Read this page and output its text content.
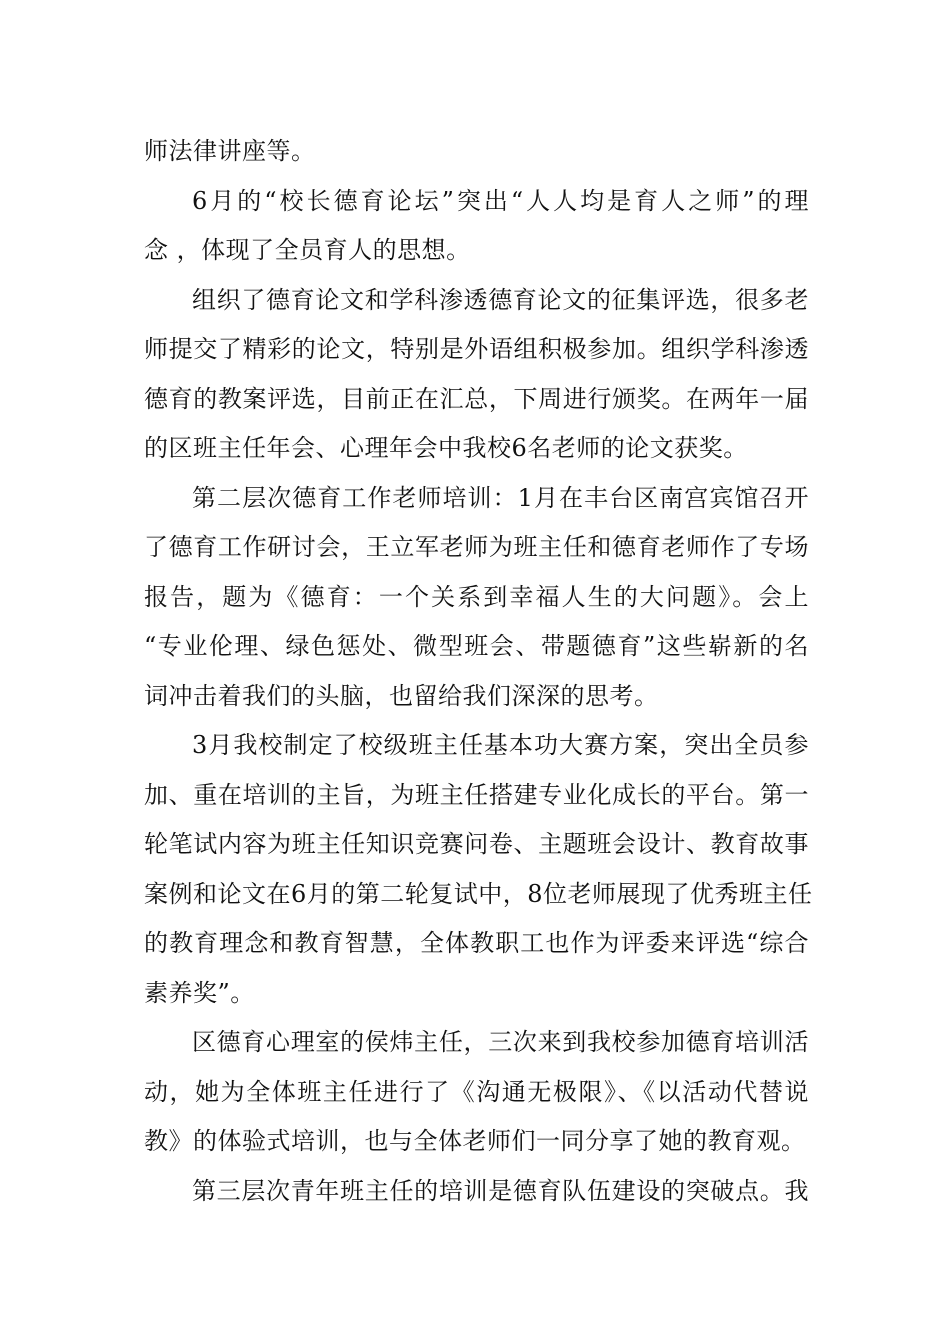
师法律讲座等。
6月的“校长德育论坛”突出“人人均是育人之师”的理
念 ，体现了全员育人的思想。
组织了德育论文和学科渗透德育论文的征集评选，很多老
师提交了精彩的论文，特别是外语组积极参加。组织学科渗透
德育的教案评选，目前正在汇总，下周进行颁奖。在两年一届
的区班主任年会、心理年会中我校6名老师的论文获奖。
第二层次德育工作老师培训：1月在丰台区南宫宾馆召开
了德育工作研讨会，王立军老师为班主任和德育老师作了专场
报告，题为《德育：一个关系到幸福人生的大问题》。会上
“专业伦理、绿色惩处、微型班会、带题德育”这些崭新的名
词冲击着我们的头脑，也留给我们深深的思考。
3月我校制定了校级班主任基本功大赛方案，突出全员参
加、重在培训的主旨，为班主任搭建专业化成长的平台。第一
轮笔试内容为班主任知识竞赛问卷、主题班会设计、教育故事
案例和论文在6月的第二轮复试中，8位老师展现了优秀班主任
的教育理念和教育智慧，全体教职工也作为评委来评选“综合
素养奖”。
区德育心理室的侯炜主任，三次来到我校参加德育培训活
动，她为全体班主任进行了《沟通无极限》、《以活动代替说
教》的体验式培训，也与全体老师们一同分享了她的教育观。
第三层次青年班主任的培训是德育队伍建设的突破点。我
